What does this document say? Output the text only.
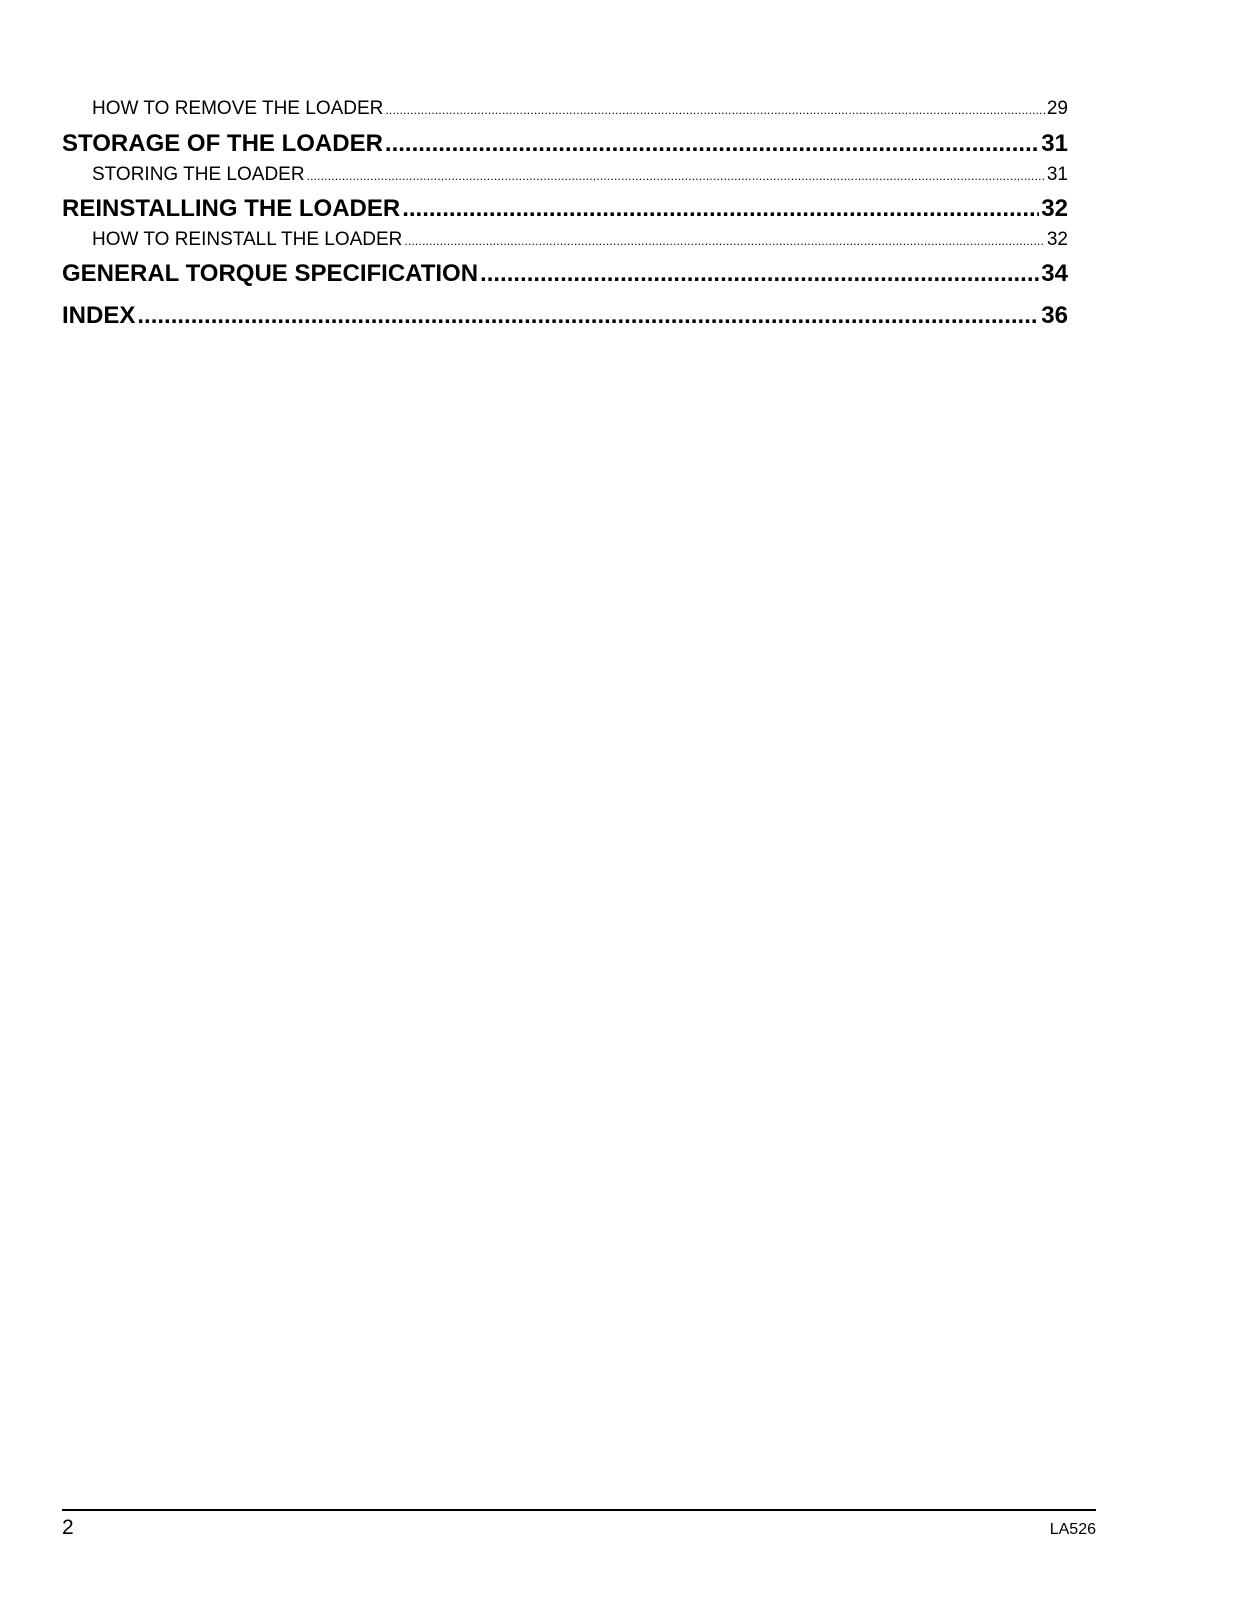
HOW TO REMOVE THE LOADER .....	29
STORAGE OF THE LOADER .....	31
STORING THE LOADER .....	31
REINSTALLING THE LOADER .....	32
HOW TO REINSTALL THE LOADER .....	32
GENERAL TORQUE SPECIFICATION .....	34
INDEX .....	36
2	LA526
